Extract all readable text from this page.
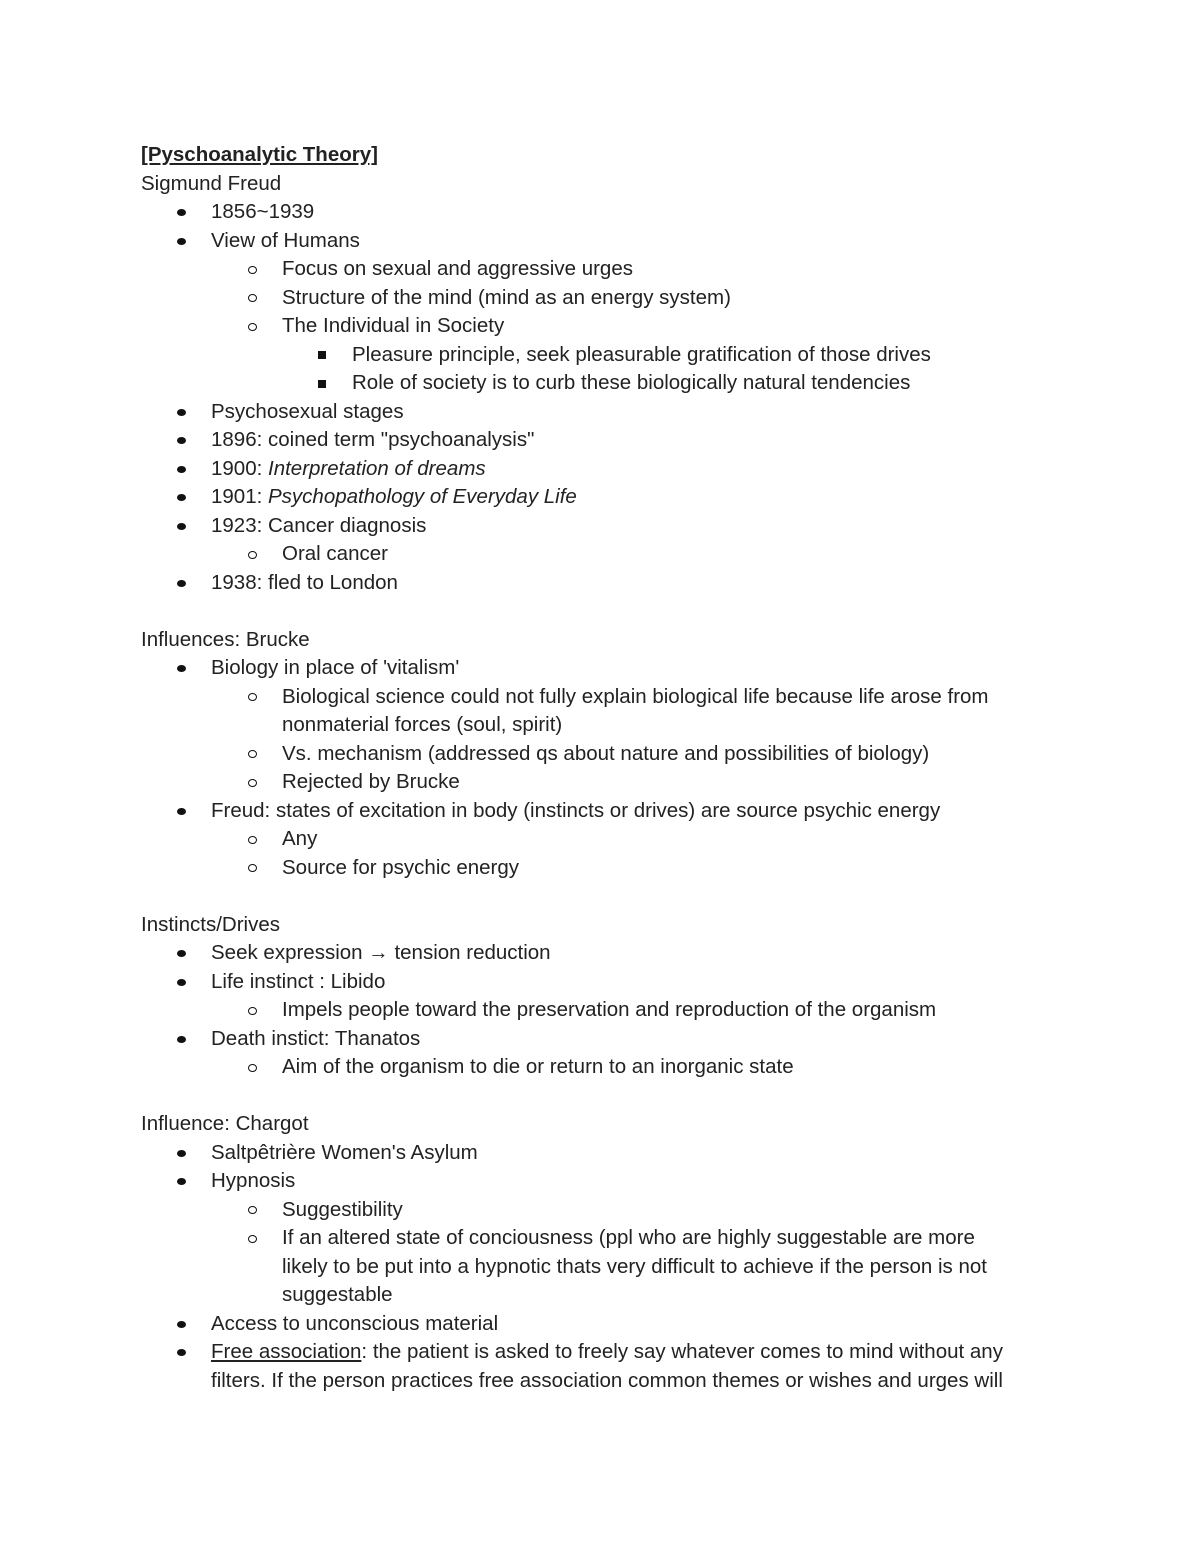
[Pyschoanalytic Theory]
Sigmund Freud
1856~1939
View of Humans
Focus on sexual and aggressive urges
Structure of the mind (mind as an energy system)
The Individual in Society
Pleasure principle, seek pleasurable gratification of those drives
Role of society is to curb these biologically natural tendencies
Psychosexual stages
1896: coined term "psychoanalysis"
1900: Interpretation of dreams
1901: Psychopathology of Everyday Life
1923: Cancer diagnosis
Oral cancer
1938: fled to London
Influences: Brucke
Biology in place of 'vitalism'
Biological science could not fully explain biological life because life arose from
nonmaterial forces (soul, spirit)
Vs. mechanism (addressed qs about nature and possibilities of biology)
Rejected by Brucke
Freud: states of excitation in body (instincts or drives) are source psychic energy
Any
Source for psychic energy
Instincts/Drives
Seek expression → tension reduction
Life instinct : Libido
Impels people toward the preservation and reproduction of the organism
Death instict: Thanatos
Aim of the organism to die or return to an inorganic state
Influence: Chargot
Saltpêtrière Women's Asylum
Hypnosis
Suggestibility
If an altered state of conciousness (ppl who are highly suggestable are more
likely to be put into a hypnotic thats very difficult to achieve if the person is not
suggestable
Access to unconscious material
Free association: the patient is asked to freely say whatever comes to mind without any
filters. If the person practices free association common themes or wishes and urges will
